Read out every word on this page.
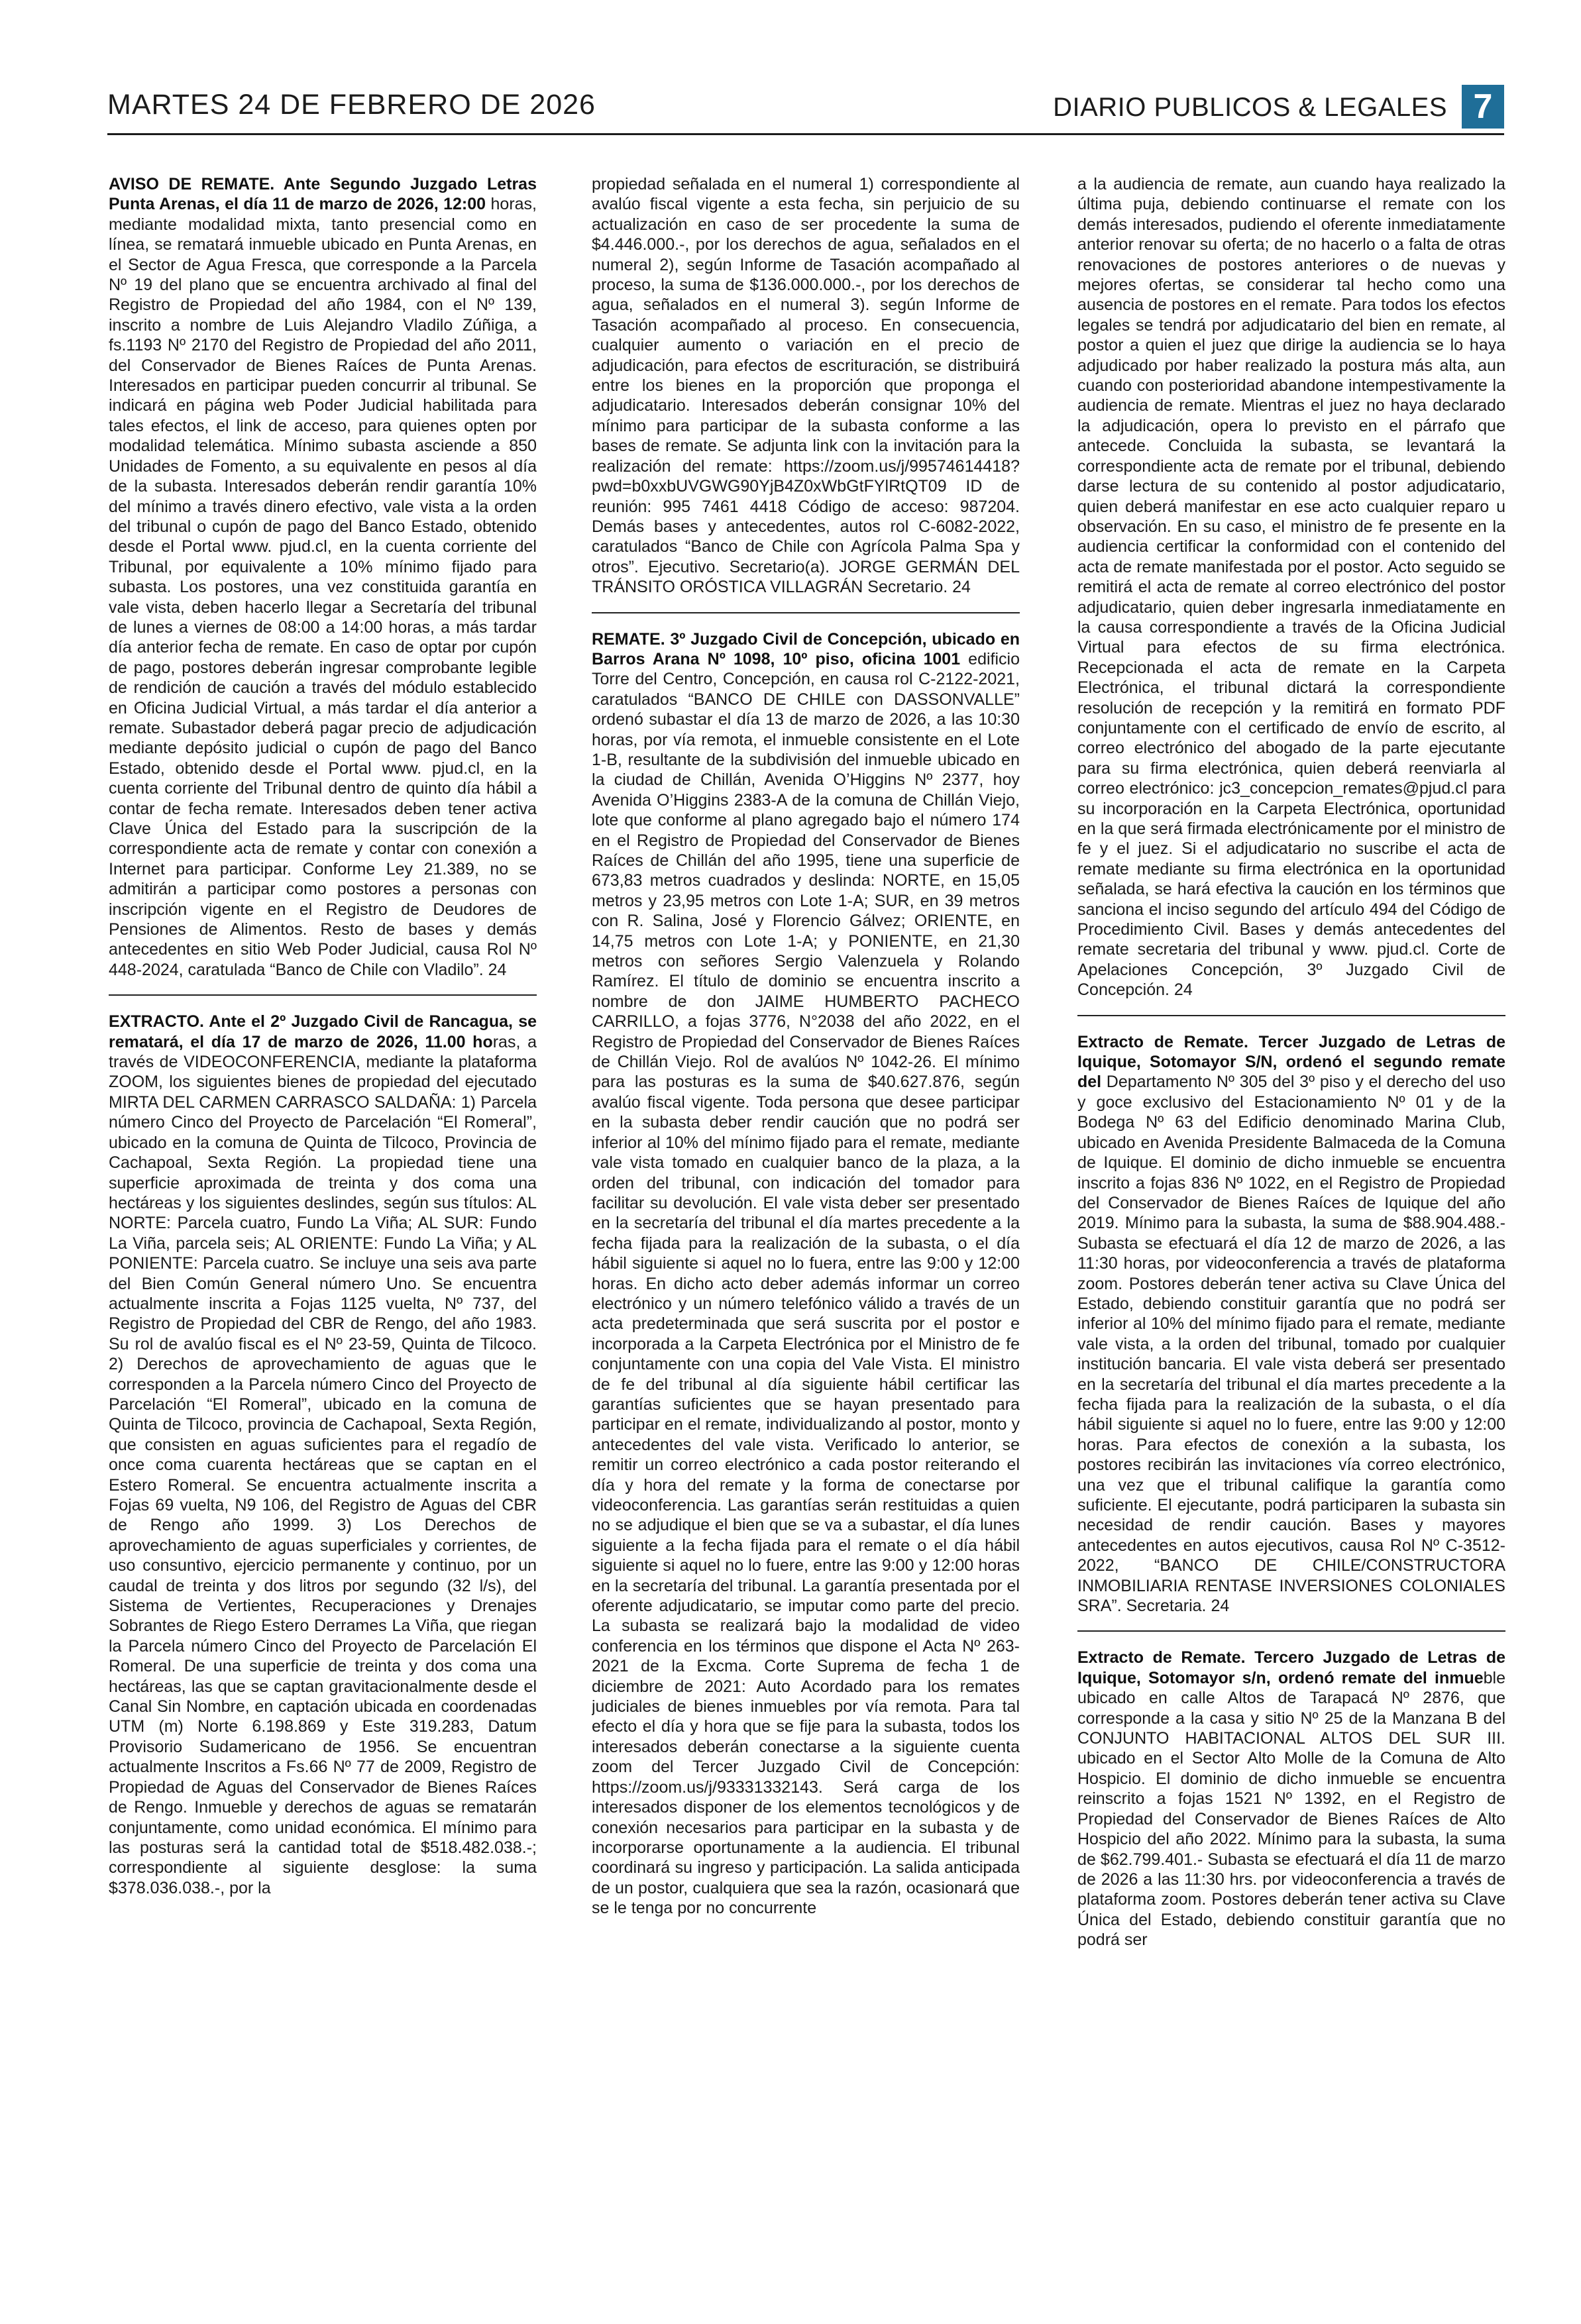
MARTES 24 DE FEBRERO DE 2026	DIARIO PUBLICOS & LEGALES 7

AVISO DE REMATE. Ante Segundo Juzgado Letras Punta Arenas, el día 11 de marzo de 2026, 12:00 horas, mediante modalidad mixta, tanto presencial como en línea, se rematará inmueble ubicado en Punta Arenas, en el Sector de Agua Fresca, que corresponde a la Parcela Nº 19 del plano que se encuentra archivado al final del Registro de Propiedad del año 1984, con el Nº 139, inscrito a nombre de Luis Alejandro Vladilo Zúñiga, a fs.1193 Nº 2170 del Registro de Propiedad del año 2011, del Conservador de Bienes Raíces de Punta Arenas. Interesados en participar pueden concurrir al tribunal. Se indicará en página web Poder Judicial habilitada para tales efectos, el link de acceso, para quienes opten por modalidad telemática. Mínimo subasta asciende a 850 Unidades de Fomento, a su equivalente en pesos al día de la subasta. Interesados deberán rendir garantía 10% del mínimo a través dinero efectivo, vale vista a la orden del tribunal o cupón de pago del Banco Estado, obtenido desde el Portal www. pjud.cl, en la cuenta corriente del Tribunal, por equivalente a 10% mínimo fijado para subasta. Los postores, una vez constituida garantía en vale vista, deben hacerlo llegar a Secretaría del tribunal de lunes a viernes de 08:00 a 14:00 horas, a más tardar día anterior fecha de remate. En caso de optar por cupón de pago, postores deberán ingresar comprobante legible de rendición de caución a través del módulo establecido en Oficina Judicial Virtual, a más tardar el día anterior a remate. Subastador deberá pagar precio de adjudicación mediante depósito judicial o cupón de pago del Banco Estado, obtenido desde el Portal www. pjud.cl, en la cuenta corriente del Tribunal dentro de quinto día hábil a contar de fecha remate. Interesados deben tener activa Clave Única del Estado para la suscripción de la correspondiente acta de remate y contar con conexión a Internet para participar. Conforme Ley 21.389, no se admitirán a participar como postores a personas con inscripción vigente en el Registro de Deudores de Pensiones de Alimentos. Resto de bases y demás antecedentes en sitio Web Poder Judicial, causa Rol Nº 448-2024, caratulada “Banco de Chile con Vladilo”. 24

EXTRACTO. Ante el 2º Juzgado Civil de Rancagua, se rematará, el día 17 de marzo de 2026, 11.00 horas, a través de VIDEOCONFERENCIA, mediante la plataforma ZOOM, los siguientes bienes de propiedad del ejecutado MIRTA DEL CARMEN CARRASCO SALDAÑA: 1) Parcela número Cinco del Proyecto de Parcelación “El Romeral”, ubicado en la comuna de Quinta de Tilcoco, Provincia de Cachapoal, Sexta Región. La propiedad tiene una superficie aproximada de treinta y dos coma una hectáreas y los siguientes deslindes, según sus títulos: AL NORTE: Parcela cuatro, Fundo La Viña; AL SUR: Fundo La Viña, parcela seis; AL ORIENTE: Fundo La Viña; y AL PONIENTE: Parcela cuatro. Se incluye una seis ava parte del Bien Común General número Uno. Se encuentra actualmente inscrita a Fojas 1125 vuelta, Nº 737, del Registro de Propiedad del CBR de Rengo, del año 1983. Su rol de avalúo fiscal es el Nº 23-59, Quinta de Tilcoco. 2) Derechos de aprovechamiento de aguas que le corresponden a la Parcela número Cinco del Proyecto de Parcelación “El Romeral”, ubicado en la comuna de Quinta de Tilcoco, provincia de Cachapoal, Sexta Región, que consisten en aguas suficientes para el regadío de once coma cuarenta hectáreas que se captan en el Estero Romeral. Se encuentra actualmente inscrita a Fojas 69 vuelta, N9 106, del Registro de Aguas del CBR de Rengo año 1999. 3) Los Derechos de aprovechamiento de aguas superficiales y corrientes, de uso consuntivo, ejercicio permanente y continuo, por un caudal de treinta y dos litros por segundo (32 l/s), del Sistema de Vertientes, Recuperaciones y Drenajes Sobrantes de Riego Estero Derrames La Viña, que riegan la Parcela número Cinco del Proyecto de Parcelación El Romeral. De una superficie de treinta y dos coma una hectáreas, las que se captan gravitacionalmente desde el Canal Sin Nombre, en captación ubicada en coordenadas UTM (m) Norte 6.198.869 y Este 319.283, Datum Provisorio Sudamericano de 1956. Se encuentran actualmente Inscritos a Fs.66 Nº 77 de 2009, Registro de Propiedad de Aguas del Conservador de Bienes Raíces de Rengo. Inmueble y derechos de aguas se rematarán conjuntamente, como unidad económica. El mínimo para las posturas será la cantidad total de $518.482.038.-; correspondiente al siguiente desglose: la suma $378.036.038.-, por la

propiedad señalada en el numeral 1) correspondiente al avalúo fiscal vigente a esta fecha, sin perjuicio de su actualización en caso de ser procedente la suma de $4.446.000.-, por los derechos de agua, señalados en el numeral 2), según Informe de Tasación acompañado al proceso, la suma de $136.000.000.-, por los derechos de agua, señalados en el numeral 3). según Informe de Tasación acompañado al proceso. En consecuencia, cualquier aumento o variación en el precio de adjudicación, para efectos de escrituración, se distribuirá entre los bienes en la proporción que proponga el adjudicatario. Interesados deberán consignar 10% del mínimo para participar de la subasta conforme a las bases de remate. Se adjunta link con la invitación para la realización del remate: https://zoom.us/j/99574614418?pwd=b0xxbUVGWG90YjB4Z0xWbGtFYlRtQT09 ID de reunión: 995 7461 4418 Código de acceso: 987204. Demás bases y antecedentes, autos rol C-6082-2022, caratulados “Banco de Chile con Agrícola Palma Spa y otros”. Ejecutivo. Secretario(a). JORGE GERMÁN DEL TRÁNSITO ORÓSTICA VILLAGRÁN Secretario. 24

REMATE. 3º Juzgado Civil de Concepción, ubicado en Barros Arana Nº 1098, 10º piso, oficina 1001 edificio Torre del Centro, Concepción, en causa rol C-2122-2021, caratulados “BANCO DE CHILE con DASSONVALLE” ordenó subastar el día 13 de marzo de 2026, a las 10:30 horas, por vía remota, el inmueble consistente en el Lote 1-B, resultante de la subdivisión del inmueble ubicado en la ciudad de Chillán, Avenida O’Higgins Nº 2377, hoy Avenida O’Higgins 2383-A de la comuna de Chillán Viejo, lote que conforme al plano agregado bajo el número 174 en el Registro de Propiedad del Conservador de Bienes Raíces de Chillán del año 1995, tiene una superficie de 673,83 metros cuadrados y deslinda: NORTE, en 15,05 metros y 23,95 metros con Lote 1-A; SUR, en 39 metros con R. Salina, José y Florencio Gálvez; ORIENTE, en 14,75 metros con Lote 1-A; y PONIENTE, en 21,30 metros con señores Sergio Valenzuela y Rolando Ramírez. El título de dominio se encuentra inscrito a nombre de don JAIME HUMBERTO PACHECO CARRILLO, a fojas 3776, N°2038 del año 2022, en el Registro de Propiedad del Conservador de Bienes Raíces de Chillán Viejo. Rol de avalúos Nº 1042-26. El mínimo para las posturas es la suma de $40.627.876, según avalúo fiscal vigente. Toda persona que desee participar en la subasta deber rendir caución que no podrá ser inferior al 10% del mínimo fijado para el remate, mediante vale vista tomado en cualquier banco de la plaza, a la orden del tribunal, con indicación del tomador para facilitar su devolución. El vale vista deber ser presentado en la secretaría del tribunal el día martes precedente a la fecha fijada para la realización de la subasta, o el día hábil siguiente si aquel no lo fuera, entre las 9:00 y 12:00 horas. En dicho acto deber además informar un correo electrónico y un número telefónico válido a través de un acta predeterminada que será suscrita por el postor e incorporada a la Carpeta Electrónica por el Ministro de fe conjuntamente con una copia del Vale Vista. El ministro de fe del tribunal al día siguiente hábil certificar las garantías suficientes que se hayan presentado para participar en el remate, individualizando al postor, monto y antecedentes del vale vista. Verificado lo anterior, se remitir un correo electrónico a cada postor reiterando el día y hora del remate y la forma de conectarse por videoconferencia. Las garantías serán restituidas a quien no se adjudique el bien que se va a subastar, el día lunes siguiente a la fecha fijada para el remate o el día hábil siguiente si aquel no lo fuere, entre las 9:00 y 12:00 horas en la secretaría del tribunal. La garantía presentada por el oferente adjudicatario, se imputar como parte del precio. La subasta se realizará bajo la modalidad de video conferencia en los términos que dispone el Acta Nº 263-2021 de la Excma. Corte Suprema de fecha 1 de diciembre de 2021: Auto Acordado para los remates judiciales de bienes inmuebles por vía remota. Para tal efecto el día y hora que se fije para la subasta, todos los interesados deberán conectarse a la siguiente cuenta zoom del Tercer Juzgado Civil de Concepción: https://zoom.us/j/93331332143. Será carga de los interesados disponer de los elementos tecnológicos y de conexión necesarios para participar en la subasta y de incorporarse oportunamente a la audiencia. El tribunal coordinará su ingreso y participación. La salida anticipada de un postor, cualquiera que sea la razón, ocasionará que se le tenga por no concurrente

a la audiencia de remate, aun cuando haya realizado la última puja, debiendo continuarse el remate con los demás interesados, pudiendo el oferente inmediatamente anterior renovar su oferta; de no hacerlo o a falta de otras renovaciones de postores anteriores o de nuevas y mejores ofertas, se considerar tal hecho como una ausencia de postores en el remate. Para todos los efectos legales se tendrá por adjudicatario del bien en remate, al postor a quien el juez que dirige la audiencia se lo haya adjudicado por haber realizado la postura más alta, aun cuando con posterioridad abandone intempestivamente la audiencia de remate. Mientras el juez no haya declarado la adjudicación, opera lo previsto en el párrafo que antecede. Concluida la subasta, se levantará la correspondiente acta de remate por el tribunal, debiendo darse lectura de su contenido al postor adjudicatario, quien deberá manifestar en ese acto cualquier reparo u observación. En su caso, el ministro de fe presente en la audiencia certificar la conformidad con el contenido del acta de remate manifestada por el postor. Acto seguido se remitirá el acta de remate al correo electrónico del postor adjudicatario, quien deber ingresarla inmediatamente en la causa correspondiente a través de la Oficina Judicial Virtual para efectos de su firma electrónica. Recepcionada el acta de remate en la Carpeta Electrónica, el tribunal dictará la correspondiente resolución de recepción y la remitirá en formato PDF conjuntamente con el certificado de envío de escrito, al correo electrónico del abogado de la parte ejecutante para su firma electrónica, quien deberá reenviarla al correo electrónico: jc3_concepcion_remates@pjud.cl para su incorporación en la Carpeta Electrónica, oportunidad en la que será firmada electrónicamente por el ministro de fe y el juez. Si el adjudicatario no suscribe el acta de remate mediante su firma electrónica en la oportunidad señalada, se hará efectiva la caución en los términos que sanciona el inciso segundo del artículo 494 del Código de Procedimiento Civil. Bases y demás antecedentes del remate secretaria del tribunal y www. pjud.cl. Corte de Apelaciones Concepción, 3º Juzgado Civil de Concepción. 24

Extracto de Remate. Tercer Juzgado de Letras de Iquique, Sotomayor S/N, ordenó el segundo remate del Departamento Nº 305 del 3º piso y el derecho del uso y goce exclusivo del Estacionamiento Nº 01 y de la Bodega Nº 63 del Edificio denominado Marina Club, ubicado en Avenida Presidente Balmaceda de la Comuna de Iquique. El dominio de dicho inmueble se encuentra inscrito a fojas 836 Nº 1022, en el Registro de Propiedad del Conservador de Bienes Raíces de Iquique del año 2019. Mínimo para la subasta, la suma de $88.904.488.- Subasta se efectuará el día 12 de marzo de 2026, a las 11:30 horas, por videoconferencia a través de plataforma zoom. Postores deberán tener activa su Clave Única del Estado, debiendo constituir garantía que no podrá ser inferior al 10% del mínimo fijado para el remate, mediante vale vista, a la orden del tribunal, tomado por cualquier institución bancaria. El vale vista deberá ser presentado en la secretaría del tribunal el día martes precedente a la fecha fijada para la realización de la subasta, o el día hábil siguiente si aquel no lo fuere, entre las 9:00 y 12:00 horas. Para efectos de conexión a la subasta, los postores recibirán las invitaciones vía correo electrónico, una vez que el tribunal califique la garantía como suficiente. El ejecutante, podrá participaren la subasta sin necesidad de rendir caución. Bases y mayores antecedentes en autos ejecutivos, causa Rol Nº C-3512-2022, “BANCO DE CHILE/CONSTRUCTORA INMOBILIARIA RENTASE INVERSIONES COLONIALES SRA”. Secretaria. 24

Extracto de Remate. Tercero Juzgado de Letras de Iquique, Sotomayor s/n, ordenó remate del inmueble ubicado en calle Altos de Tarapacá Nº 2876, que corresponde a la casa y sitio Nº 25 de la Manzana B del CONJUNTO HABITACIONAL ALTOS DEL SUR III. ubicado en el Sector Alto Molle de la Comuna de Alto Hospicio. El dominio de dicho inmueble se encuentra reinscrito a fojas 1521 Nº 1392, en el Registro de Propiedad del Conservador de Bienes Raíces de Alto Hospicio del año 2022. Mínimo para la subasta, la suma de $62.799.401.- Subasta se efectuará el día 11 de marzo de 2026 a las 11:30 hrs. por videoconferencia a través de plataforma zoom. Postores deberán tener activa su Clave Única del Estado, debiendo constituir garantía que no podrá ser
